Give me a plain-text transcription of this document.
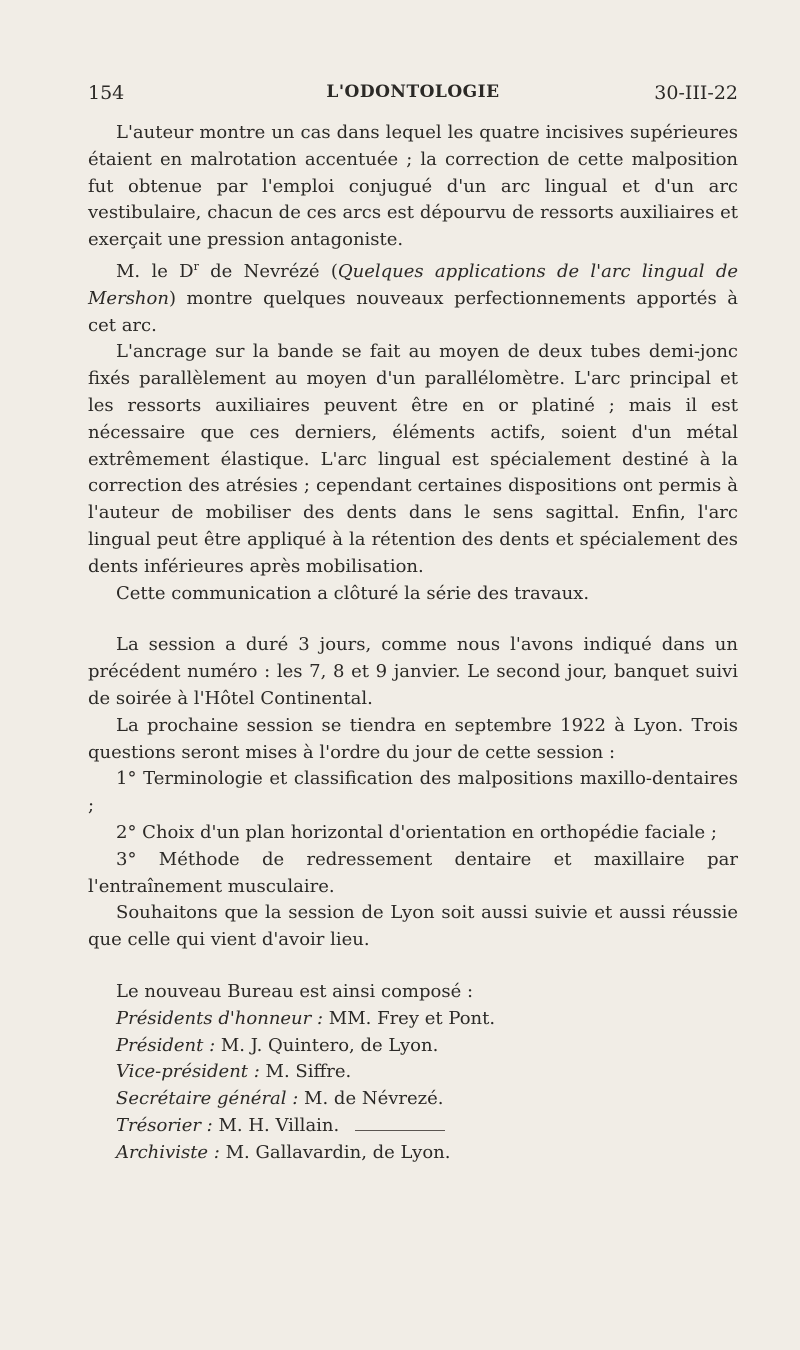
154	L'ODONTOLOGIE	30-III-22

L'auteur montre un cas dans lequel les quatre incisives supérieures étaient en malrotation accentuée ; la correction de cette malposition fut obtenue par l'emploi conjugué d'un arc lingual et d'un arc vestibulaire, chacun de ces arcs est dépourvu de ressorts auxiliaires et exerçait une pression antagoniste.

M. le $D^r$ de Nevrézé (Quelques applications de l'arc lingual de Mershon) montre quelques nouveaux perfectionnements apportés à cet arc.

L'ancrage sur la bande se fait au moyen de deux tubes demi-jonc fixés parallèlement au moyen d'un parallélomètre. L'arc principal et les ressorts auxiliaires peuvent être en or platiné ; mais il est nécessaire que ces derniers, éléments actifs, soient d'un métal extrêmement élastique. L'arc lingual est spécialement destiné à la correction des atrésies ; cependant certaines dispositions ont permis à l'auteur de mobiliser des dents dans le sens sagittal. Enfin, l'arc lingual peut être appliqué à la rétention des dents et spécialement des dents inférieures après mobilisation.

Cette communication a clôturé la série des travaux.

La session a duré 3 jours, comme nous l'avons indiqué dans un précédent numéro : les 7, 8 et 9 janvier. Le second jour, banquet suivi de soirée à l'Hôtel Continental.

La prochaine session se tiendra en septembre 1922 à Lyon. Trois questions seront mises à l'ordre du jour de cette session :

1° Terminologie et classification des malpositions maxillo-dentaires ;

2° Choix d'un plan horizontal d'orientation en orthopédie faciale ;

3° Méthode de redressement dentaire et maxillaire par l'entraînement musculaire.

Souhaitons que la session de Lyon soit aussi suivie et aussi réussie que celle qui vient d'avoir lieu.

Le nouveau Bureau est ainsi composé :

Présidents d'honneur : MM. Frey et Pont.
Président : M. J. Quintero, de Lyon.
Vice-président : M. Siffre.
Secrétaire général : M. de Névrezé.
Trésorier : M. H. Villain.
Archiviste : M. Gallavardin, de Lyon.
